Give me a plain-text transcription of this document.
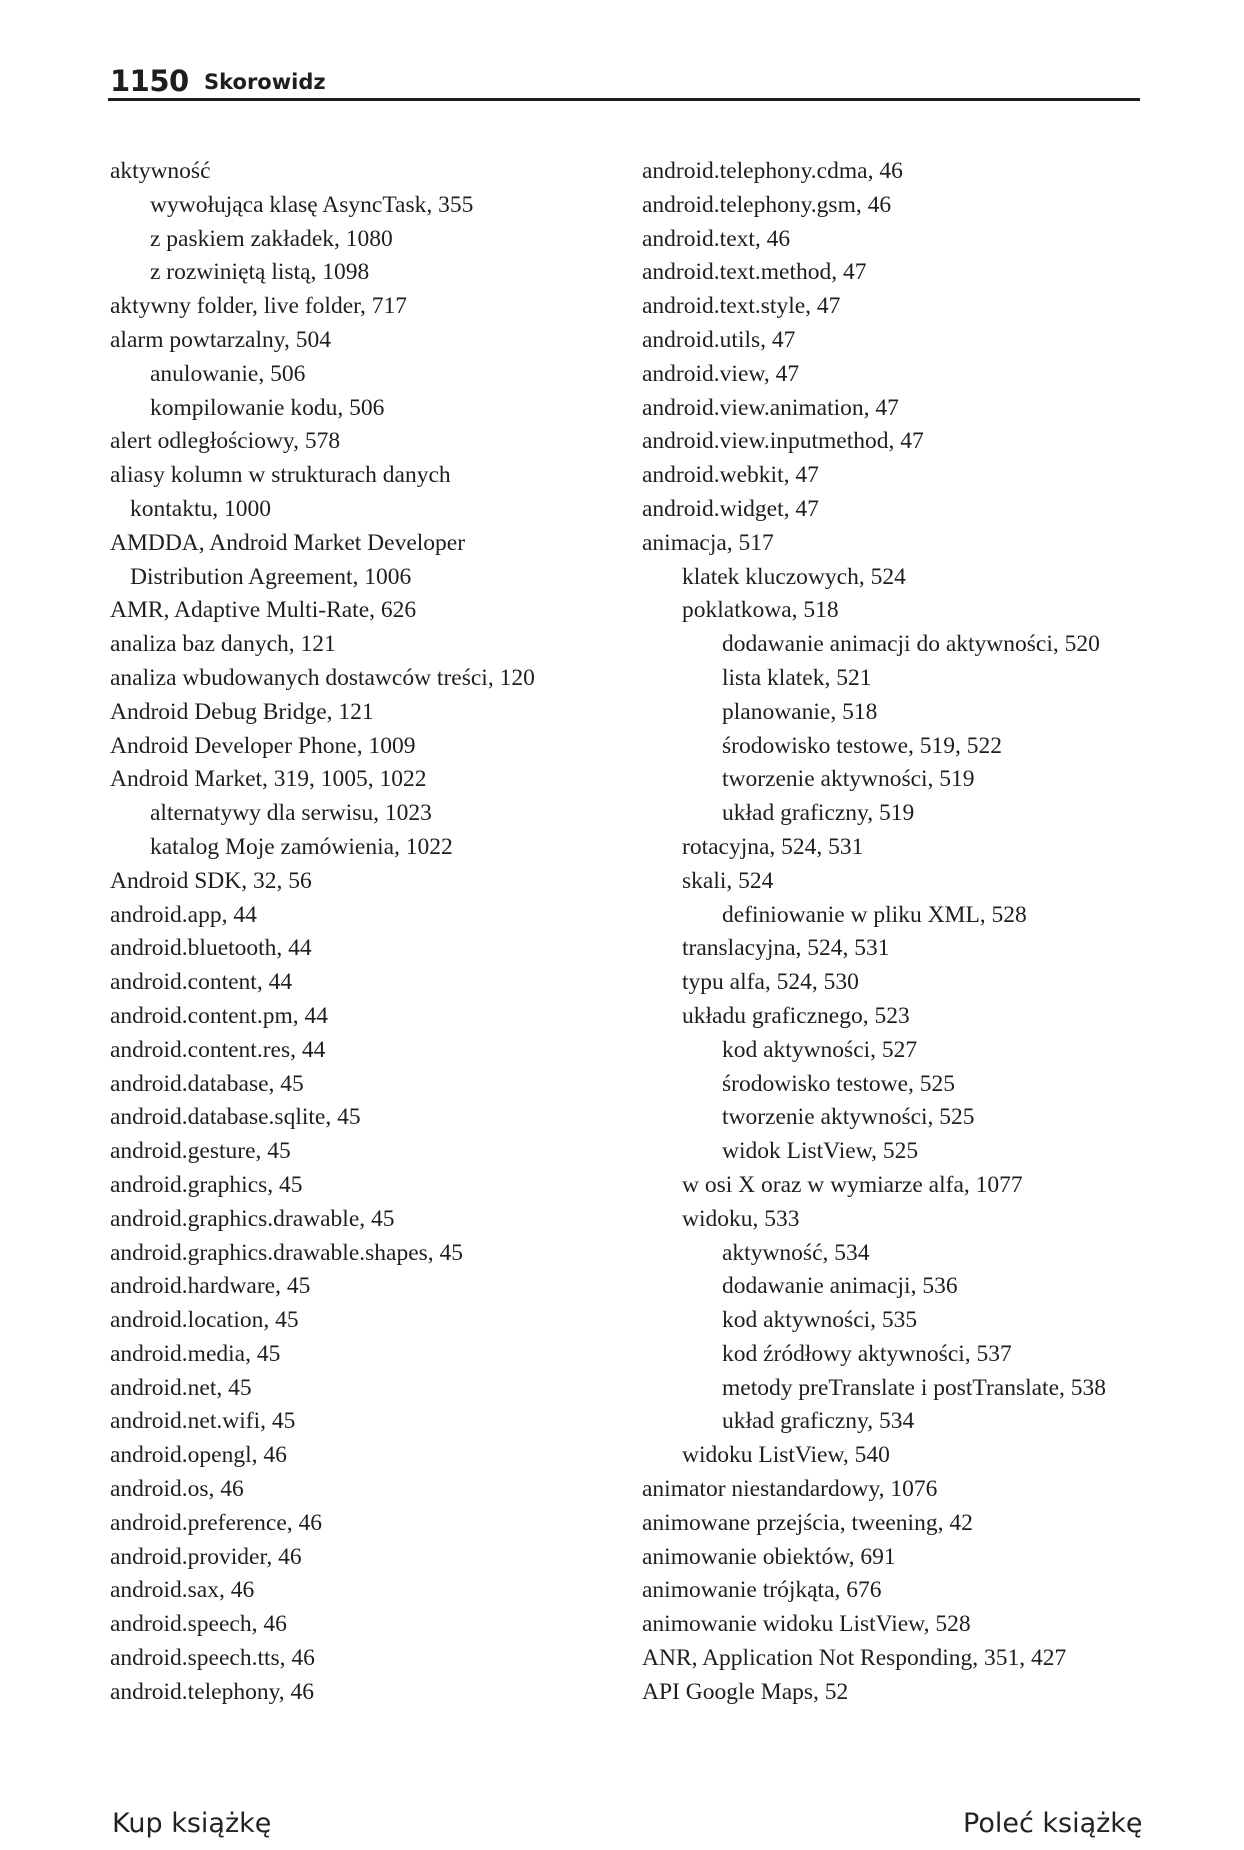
1150 Skorowidz
aktywność
wywołująca klasę AsyncTask, 355
z paskiem zakładek, 1080
z rozwiniętą listą, 1098
aktywny folder, live folder, 717
alarm powtarzalny, 504
anulowanie, 506
kompilowanie kodu, 506
alert odległościowy, 578
aliasy kolumn w strukturach danych
kontaktu, 1000
AMDDA, Android Market Developer
Distribution Agreement, 1006
AMR, Adaptive Multi-Rate, 626
analiza baz danych, 121
analiza wbudowanych dostawców treści, 120
Android Debug Bridge, 121
Android Developer Phone, 1009
Android Market, 319, 1005, 1022
alternatywy dla serwisu, 1023
katalog Moje zamówienia, 1022
Android SDK, 32, 56
android.app, 44
android.bluetooth, 44
android.content, 44
android.content.pm, 44
android.content.res, 44
android.database, 45
android.database.sqlite, 45
android.gesture, 45
android.graphics, 45
android.graphics.drawable, 45
android.graphics.drawable.shapes, 45
android.hardware, 45
android.location, 45
android.media, 45
android.net, 45
android.net.wifi, 45
android.opengl, 46
android.os, 46
android.preference, 46
android.provider, 46
android.sax, 46
android.speech, 46
android.speech.tts, 46
android.telephony, 46
android.telephony.cdma, 46
android.telephony.gsm, 46
android.text, 46
android.text.method, 47
android.text.style, 47
android.utils, 47
android.view, 47
android.view.animation, 47
android.view.inputmethod, 47
android.webkit, 47
android.widget, 47
animacja, 517
klatek kluczowych, 524
poklatkowa, 518
dodawanie animacji do aktywności, 520
lista klatek, 521
planowanie, 518
środowisko testowe, 519, 522
tworzenie aktywności, 519
układ graficzny, 519
rotacyjna, 524, 531
skali, 524
definiowanie w pliku XML, 528
translacyjna, 524, 531
typu alfa, 524, 530
układu graficznego, 523
kod aktywności, 527
środowisko testowe, 525
tworzenie aktywności, 525
widok ListView, 525
w osi X oraz w wymiarze alfa, 1077
widoku, 533
aktywność, 534
dodawanie animacji, 536
kod aktywności, 535
kod źródłowy aktywności, 537
metody preTranslate i postTranslate, 538
układ graficzny, 534
widoku ListView, 540
animator niestandardowy, 1076
animowane przejścia, tweening, 42
animowanie obiektów, 691
animowanie trójkąta, 676
animowanie widoku ListView, 528
ANR, Application Not Responding, 351, 427
API Google Maps, 52
Kup książkę	Poleć książkę
